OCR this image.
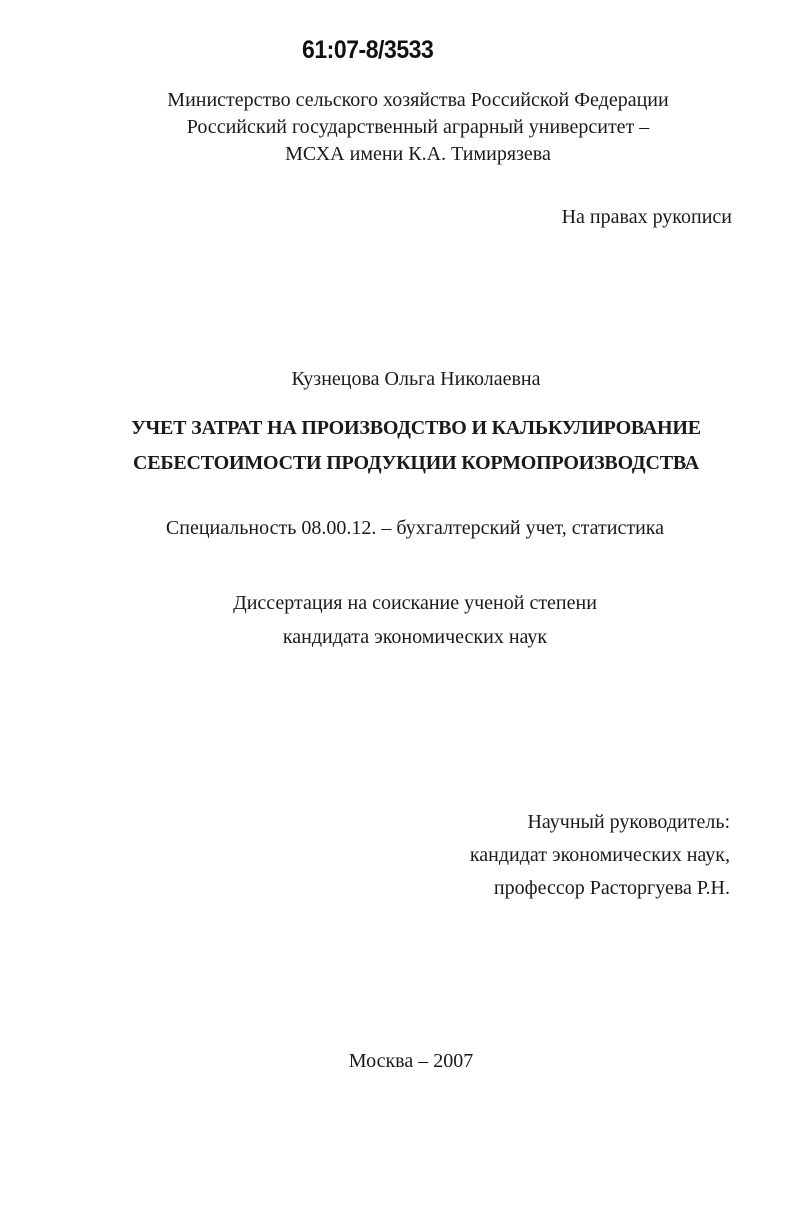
61:07-8/3533
Министерство сельского хозяйства Российской Федерации
Российский государственный аграрный университет –
МСХА имени К.А. Тимирязева
На правах рукописи
Кузнецова Ольга Николаевна
УЧЕТ ЗАТРАТ НА ПРОИЗВОДСТВО И КАЛЬКУЛИРОВАНИЕ
СЕБЕСТОИМОСТИ ПРОДУКЦИИ КОРМОПРОИЗВОДСТВА
Специальность 08.00.12. – бухгалтерский учет, статистика
Диссертация на соискание ученой степени
кандидата экономических наук
Научный руководитель:
кандидат экономических наук,
профессор Расторгуева Р.Н.
Москва – 2007
